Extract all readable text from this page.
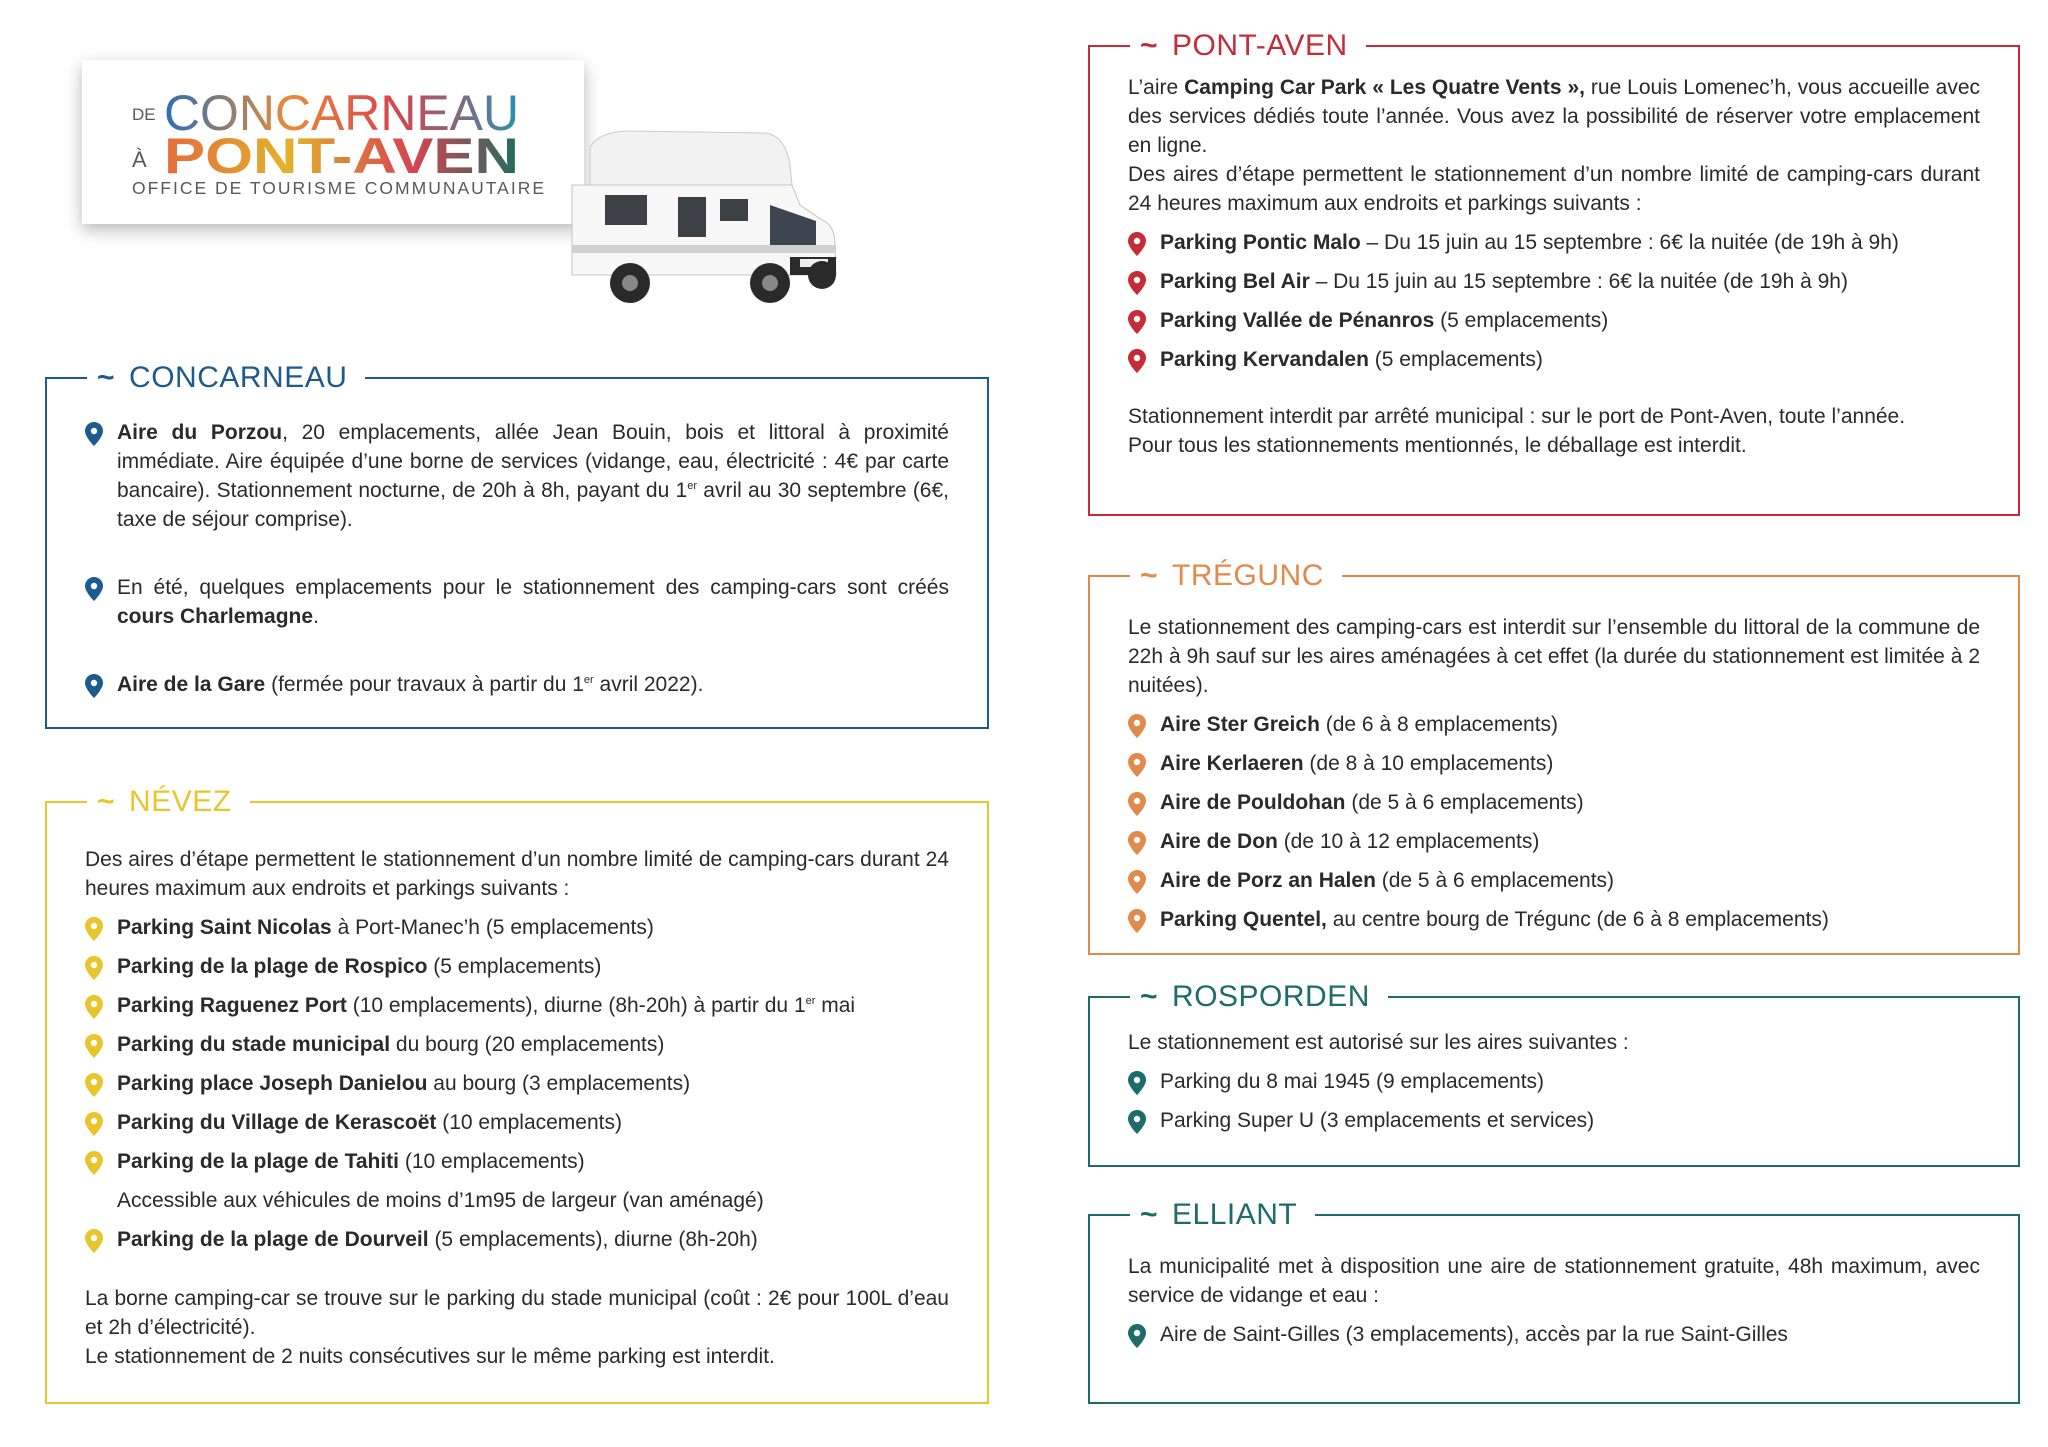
DE CONCARNEAU
À PONT-AVEN
OFFICE DE TOURISME COMMUNAUTAIRE
~ CONCARNEAU
Aire du Porzou, 20 emplacements, allée Jean Bouin, bois et littoral à proximité immédiate. Aire équipée d’une borne de services (vidange, eau, électricité : 4€ par carte bancaire). Stationnement nocturne, de 20h à 8h, payant du 1er avril au 30 septembre (6€, taxe de séjour comprise).
En été, quelques emplacements pour le stationnement des camping-cars sont créés cours Charlemagne.
Aire de la Gare (fermée pour travaux à partir du 1er avril 2022).
~ NÉVEZ

Des aires d’étape permettent le stationnement d’un nombre limité de camping-cars durant 24 heures maximum aux endroits et parkings suivants :

Parking Saint Nicolas à Port-Manec’h (5 emplacements)
Parking de la plage de Rospico (5 emplacements)
Parking Raguenez Port (10 emplacements), diurne (8h-20h) à partir du 1er mai
Parking du stade municipal du bourg (20 emplacements)
Parking place Joseph Danielou au bourg (3 emplacements)
Parking du Village de Kerascoët (10 emplacements)
Parking de la plage de Tahiti (10 emplacements)
Accessible aux véhicules de moins d’1m95 de largeur (van aménagé)
Parking de la plage de Dourveil (5 emplacements), diurne (8h-20h)

La borne camping-car se trouve sur le parking du stade municipal (coût : 2€ pour 100L d’eau et 2h d’électricité).

Le stationnement de 2 nuits consécutives sur le même parking est interdit.

~ PONT-AVEN

L’aire Camping Car Park « Les Quatre Vents », rue Louis Lomenec’h, vous accueille avec des services dédiés toute l’année. Vous avez la possibilité de réserver votre emplacement en ligne.

Des aires d’étape permettent le stationnement d’un nombre limité de camping-cars durant 24 heures maximum aux endroits et parkings suivants :

Parking Pontic Malo – Du 15 juin au 15 septembre : 6€ la nuitée (de 19h à 9h)
Parking Bel Air – Du 15 juin au 15 septembre : 6€ la nuitée (de 19h à 9h)
Parking Vallée de Pénanros (5 emplacements)
Parking Kervandalen (5 emplacements)

Stationnement interdit par arrêté municipal : sur le port de Pont-Aven, toute l’année.

Pour tous les stationnements mentionnés, le déballage est interdit.

~ TRÉGUNC

Le stationnement des camping-cars est interdit sur l’ensemble du littoral de la commune de 22h à 9h sauf sur les aires aménagées à cet effet (la durée du stationnement est limitée à 2 nuitées).

Aire Ster Greich (de 6 à 8 emplacements)
Aire Kerlaeren (de 8 à 10 emplacements)
Aire de Pouldohan (de 5 à 6 emplacements)
Aire de Don (de 10 à 12 emplacements)
Aire de Porz an Halen (de 5 à 6 emplacements)
Parking Quentel, au centre bourg de Trégunc (de 6 à 8 emplacements)
~ ROSPORDEN

Le stationnement est autorisé sur les aires suivantes :

Parking du 8 mai 1945 (9 emplacements)
Parking Super U (3 emplacements et services)
~ ELLIANT

La municipalité met à disposition une aire de stationnement gratuite, 48h maximum, avec service de vidange et eau :

Aire de Saint-Gilles (3 emplacements), accès par la rue Saint-Gilles
